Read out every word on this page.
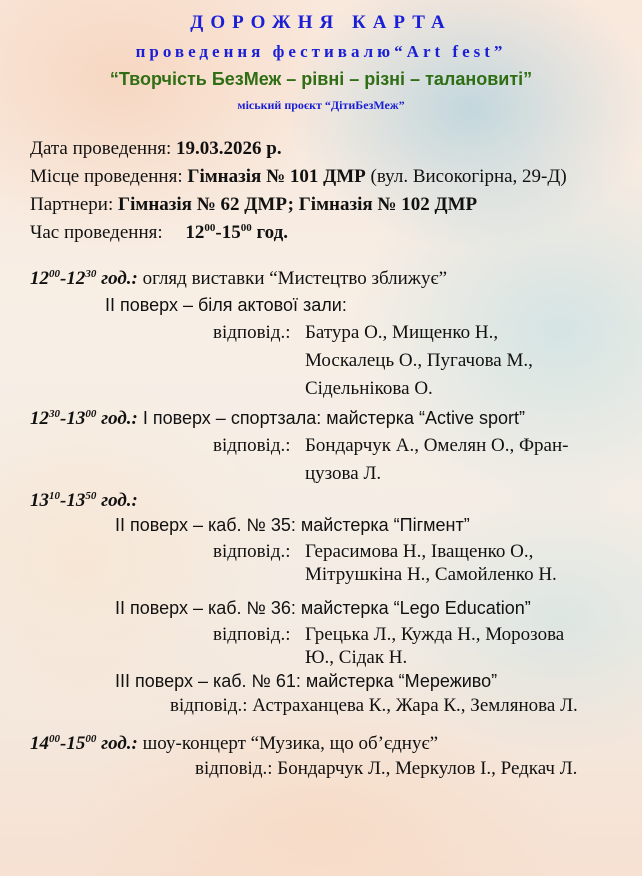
ДОРОЖНЯ КАРТА
проведення фестивалю“Art fest”
“Творчість БезМеж – рівні – різні – талановиті”
міський проєкт “ДітиБезМеж”
Дата проведення: 19.03.2026 р.
Місце проведення: Гімназія № 101 ДМР (вул. Високогірна, 29-Д)
Партнери: Гімназія № 62 ДМР; Гімназія № 102 ДМР
Час проведення: $12^{00}-15^{00}$ год.
$12^{00}-12^{30}$ год.: огляд виставки “Мистецтво зближує”
ІІ поверх – біля актової зали:
відповід.: Батура О., Мищенко Н.,
Москалець О., Пугачова М.,
Сідельнікова О.
$12^{30}-13^{00}$ год.: І поверх – спортзала: майстерка “Active sport”
відповід.: Бондарчук А., Омелян О., Фран-
цузова Л.
$13^{10}-13^{50}$ год.:
ІІ поверх – каб. № 35: майстерка “Пігмент”
відповід.: Герасимова Н., Іващенко О.,
Мітрушкіна Н., Самойленко Н.
ІІ поверх – каб. № 36: майстерка “Lego Education”
відповід.: Грецька Л., Кужда Н., Морозова
Ю., Сідак Н.
ІІІ поверх – каб. № 61: майстерка “Мереживо”
відповід.: Астраханцева К., Жара К., Землянова Л.
$14^{00}-15^{00}$ год.: шоу-концерт “Музика, що об’єднує”
відповід.: Бондарчук Л., Меркулов І., Редкач Л.
